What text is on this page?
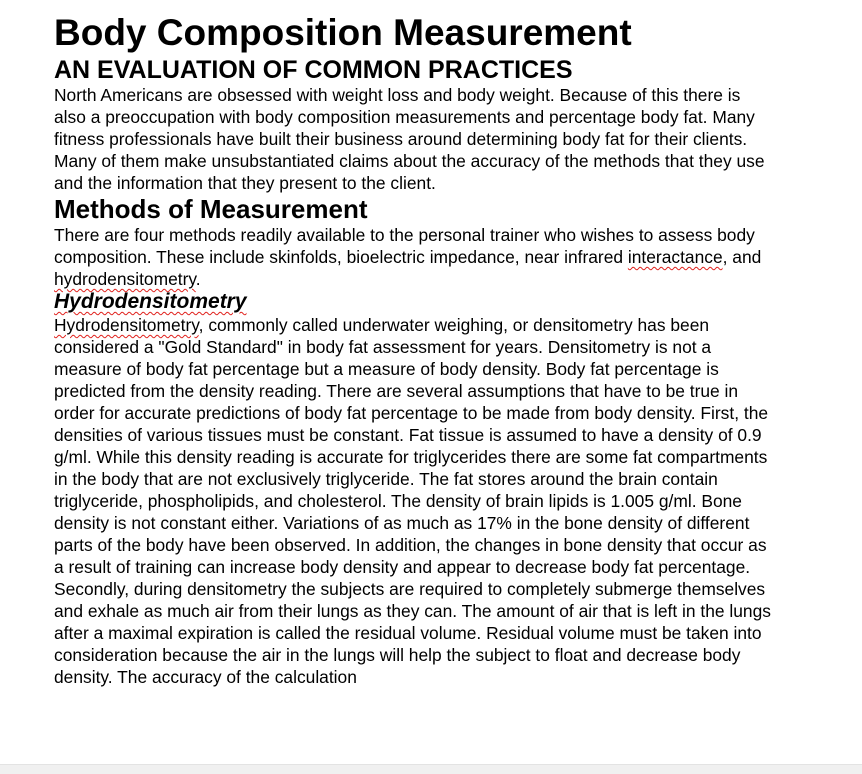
Body Composition Measurement
AN EVALUATION OF COMMON PRACTICES

North Americans are obsessed with weight loss and body weight. Because of this there is also a preoccupation with body composition measurements and percentage body fat. Many fitness professionals have built their business around determining body fat for their clients. Many of them make unsubstantiated claims about the accuracy of the methods that they use and the information that they present to the client.

Methods of Measurement

There are four methods readily available to the personal trainer who wishes to assess body composition. These include skinfolds, bioelectric impedance, near infrared interactance, and hydrodensitometry.

Hydrodensitometry

Hydrodensitometry, commonly called underwater weighing, or densitometry has been considered a "Gold Standard" in body fat assessment for years. Densitometry is not a measure of body fat percentage but a measure of body density. Body fat percentage is predicted from the density reading. There are several assumptions that have to be true in order for accurate predictions of body fat percentage to be made from body density. First, the densities of various tissues must be constant. Fat tissue is assumed to have a density of 0.9 g/ml. While this density reading is accurate for triglycerides there are some fat compartments in the body that are not exclusively triglyceride. The fat stores around the brain contain triglyceride, phospholipids, and cholesterol. The density of brain lipids is 1.005 g/ml. Bone density is not constant either. Variations of as much as 17% in the bone density of different parts of the body have been observed. In addition, the changes in bone density that occur as a result of training can increase body density and appear to decrease body fat percentage.

Secondly, during densitometry the subjects are required to completely submerge themselves and exhale as much air from their lungs as they can. The amount of air that is left in the lungs after a maximal expiration is called the residual volume. Residual volume must be taken into consideration because the air in the lungs will help the subject to float and decrease body density. The accuracy of the calculation
